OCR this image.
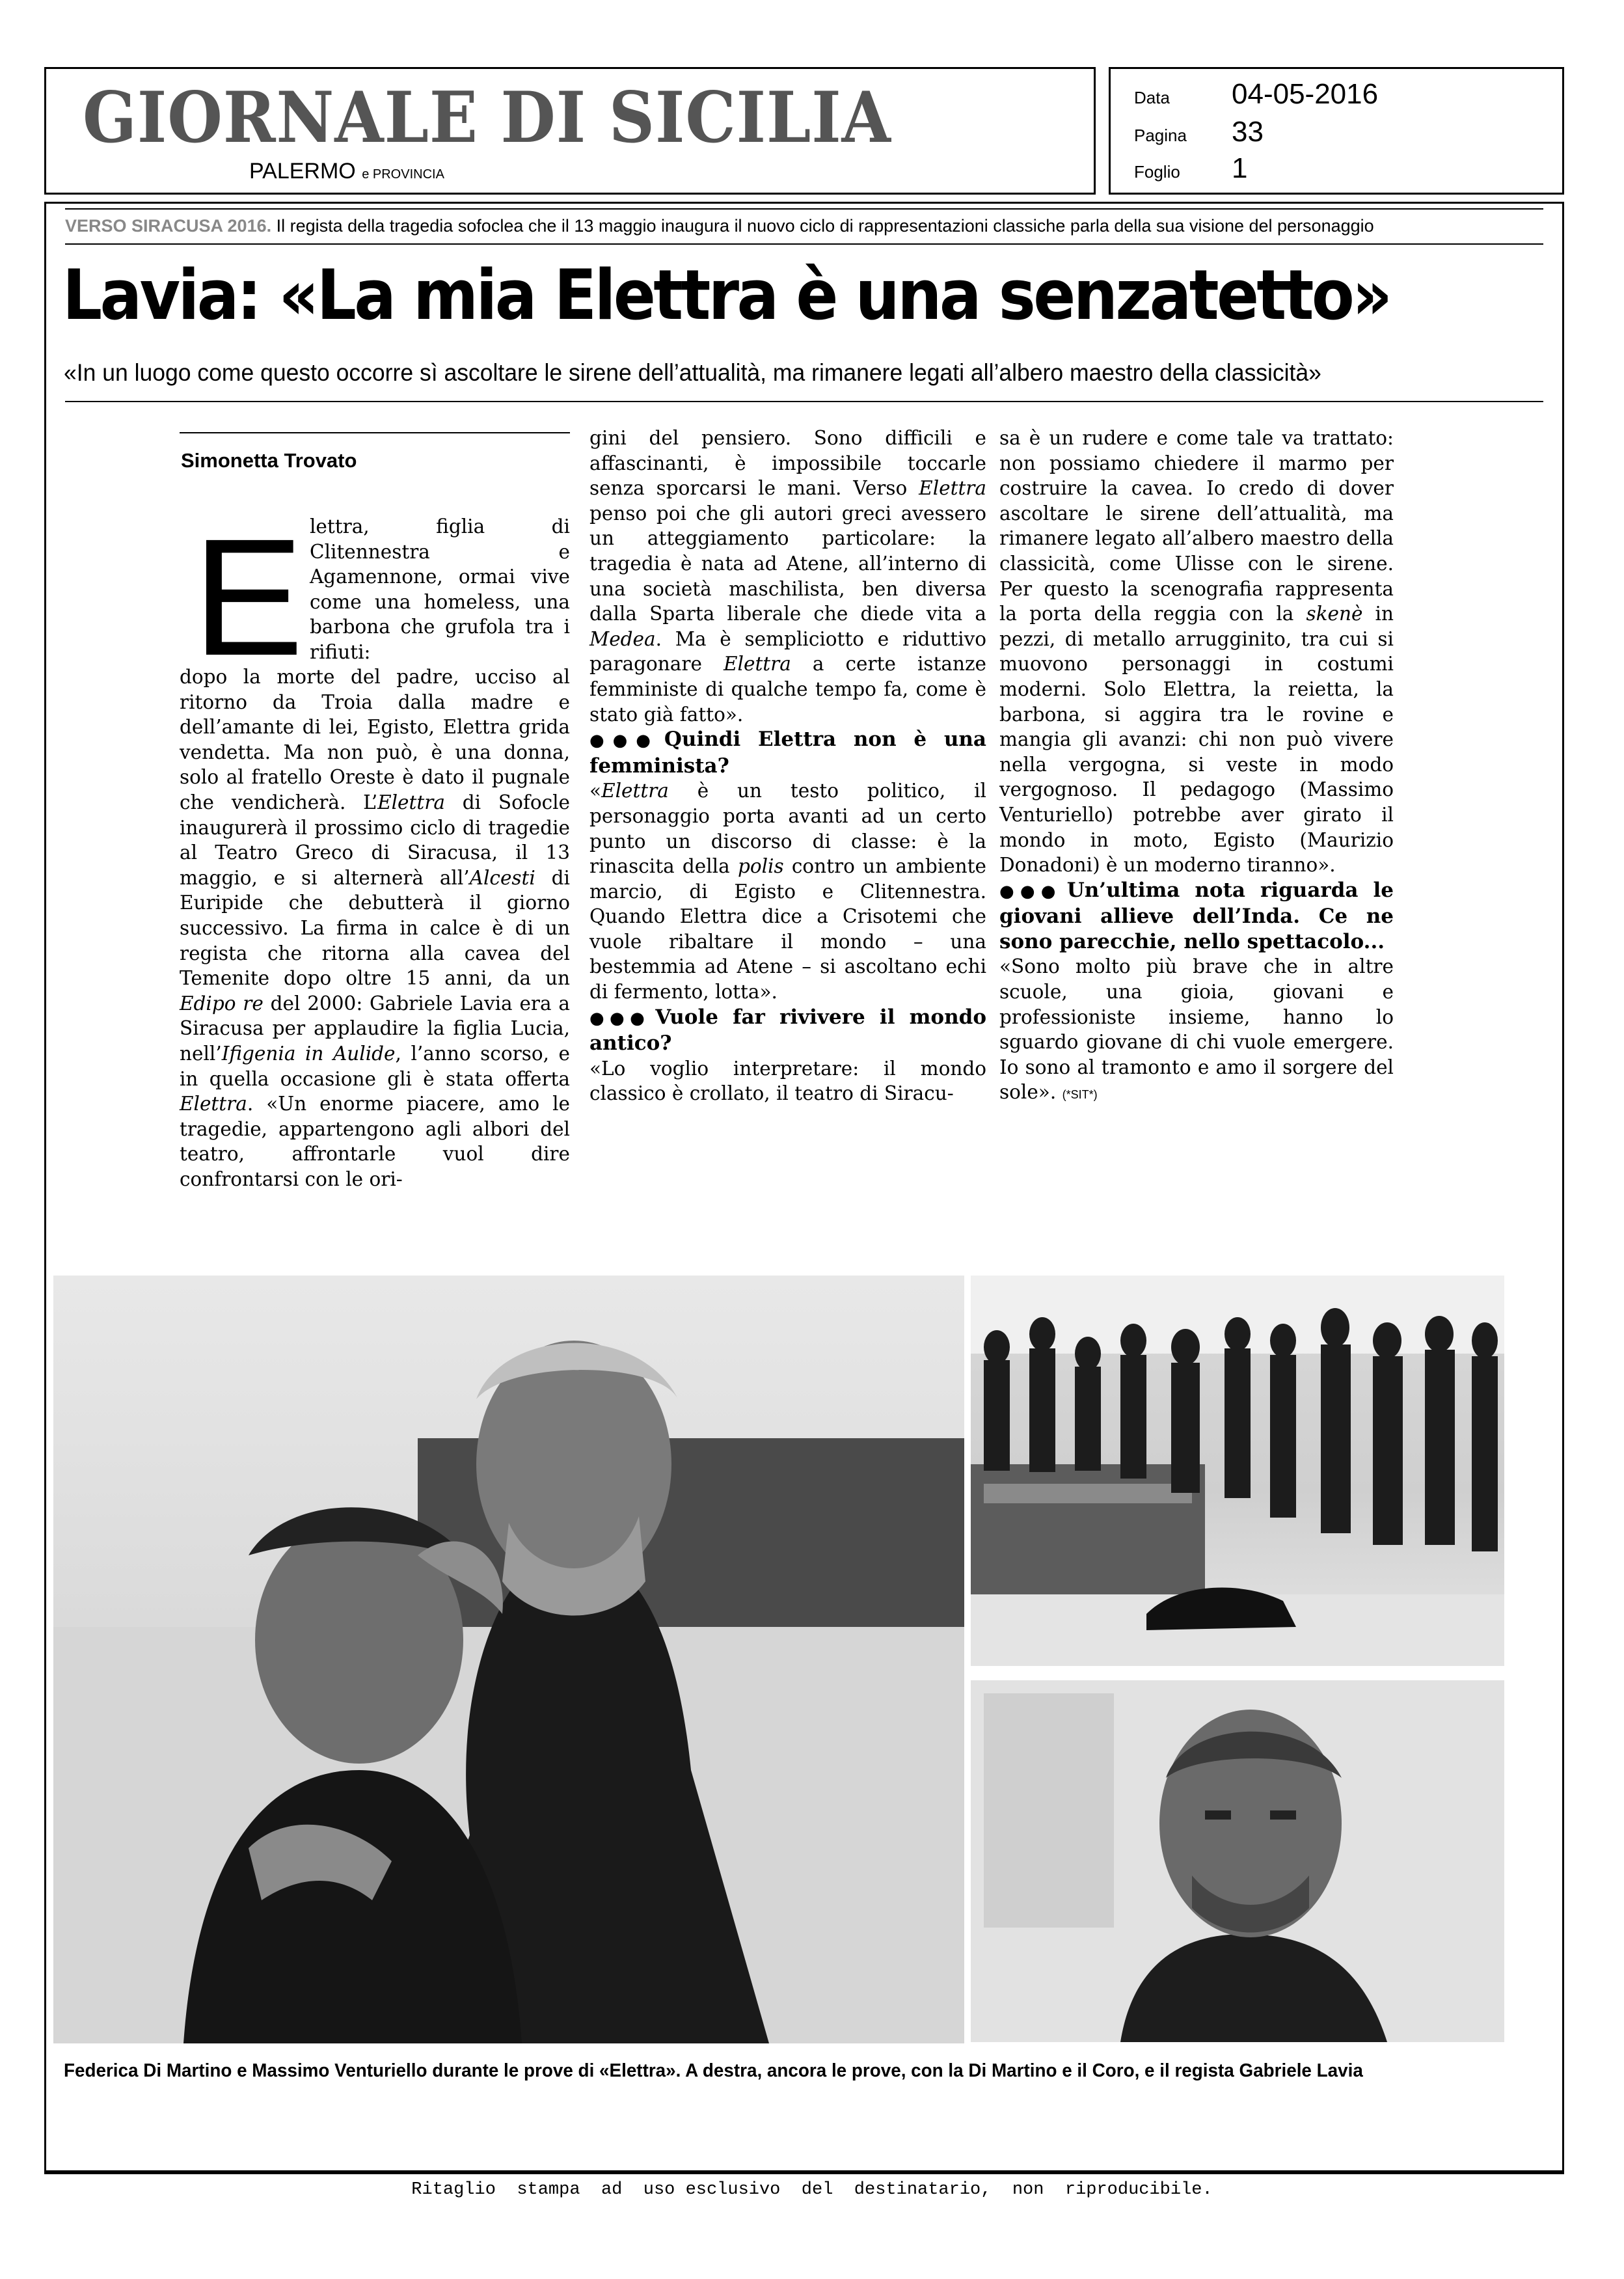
GIORNALE DI SICILIA
PALERMO e PROVINCIA
Data 04-05-2016
Pagina 33
Foglio 1
VERSO SIRACUSA 2016. Il regista della tragedia sofoclea che il 13 maggio inaugura il nuovo ciclo di rappresentazioni classiche parla della sua visione del personaggio
Lavia: «La mia Elettra è una senzatetto»
«In un luogo come questo occorre sì ascoltare le sirene dell’attualità, ma rimanere legati all’albero maestro della classicità»
Simonetta Trovato
E lettra, figlia di Clitennestra e Agamennone, ormai vive come una homeless, una barbona che grufola tra i rifiuti:

dopo la morte del padre, ucciso al ritorno da Troia dalla madre e dell’amante di lei, Egisto, Elettra grida vendetta. Ma non può, è una donna, solo al fratello Oreste è dato il pugnale che vendicherà. L’Elettra di Sofocle inaugurerà il prossimo ciclo di tragedie al Teatro Greco di Siracusa, il 13 maggio, e si alternerà all’Alcesti di Euripide che debutterà il giorno successivo. La firma in calce è di un regista che ritorna alla cavea del Temenite dopo oltre 15 anni, da un Edipo re del 2000: Gabriele Lavia era a Siracusa per applaudire la figlia Lucia, nell’Ifigenia in Aulide, l’anno scorso, e in quella occasione gli è stata offerta Elettra. «Un enorme piacere, amo le tragedie, appartengono agli albori del teatro, affrontarle vuol dire confrontarsi con le ori-

gini del pensiero. Sono difficili e affascinanti, è impossibile toccarle senza sporcarsi le mani. Verso Elettra penso poi che gli autori greci avessero un atteggiamento particolare: la tragedia è nata ad Atene, all’interno di una società maschilista, ben diversa dalla Sparta liberale che diede vita a Medea. Ma è sempliciotto e riduttivo paragonare Elettra a certe istanze femministe di qualche tempo fa, come è stato già fatto».

●●● Quindi Elettra non è una femminista?

«Elettra è un testo politico, il personaggio porta avanti ad un certo punto un discorso di classe: è la rinascita della polis contro un ambiente marcio, di Egisto e Clitennestra. Quando Elettra dice a Crisotemi che vuole ribaltare il mondo – una bestemmia ad Atene – si ascoltano echi di fermento, lotta».

●●● Vuole far rivivere il mondo antico?

«Lo voglio interpretare: il mondo classico è crollato, il teatro di Siracu-

sa è un rudere e come tale va trattato: non possiamo chiedere il marmo per costruire la cavea. Io credo di dover ascoltare le sirene dell’attualità, ma rimanere legato all’albero maestro della classicità, come Ulisse con le sirene. Per questo la scenografia rappresenta la porta della reggia con la skenè in pezzi, di metallo arrugginito, tra cui si muovono personaggi in costumi moderni. Solo Elettra, la reietta, la barbona, si aggira tra le rovine e mangia gli avanzi: chi non può vivere nella vergogna, si veste in modo vergognoso. Il pedagogo (Massimo Venturiello) potrebbe aver girato il mondo in moto, Egisto (Maurizio Donadoni) è un moderno tiranno».

●●● Un’ultima nota riguarda le giovani allieve dell’Inda. Ce ne sono parecchie, nello spettacolo...

«Sono molto più brave che in altre scuole, una gioia, giovani e professioniste insieme, hanno lo sguardo giovane di chi vuole emergere. Io sono al tramonto e amo il sorgere del sole». (*SIT*)

Federica Di Martino e Massimo Venturiello durante le prove di «Elettra». A destra, ancora le prove, con la Di Martino e il Coro, e il regista Gabriele Lavia
Ritaglio  stampa  ad  uso esclusivo  del  destinatario,  non  riproducibile.
